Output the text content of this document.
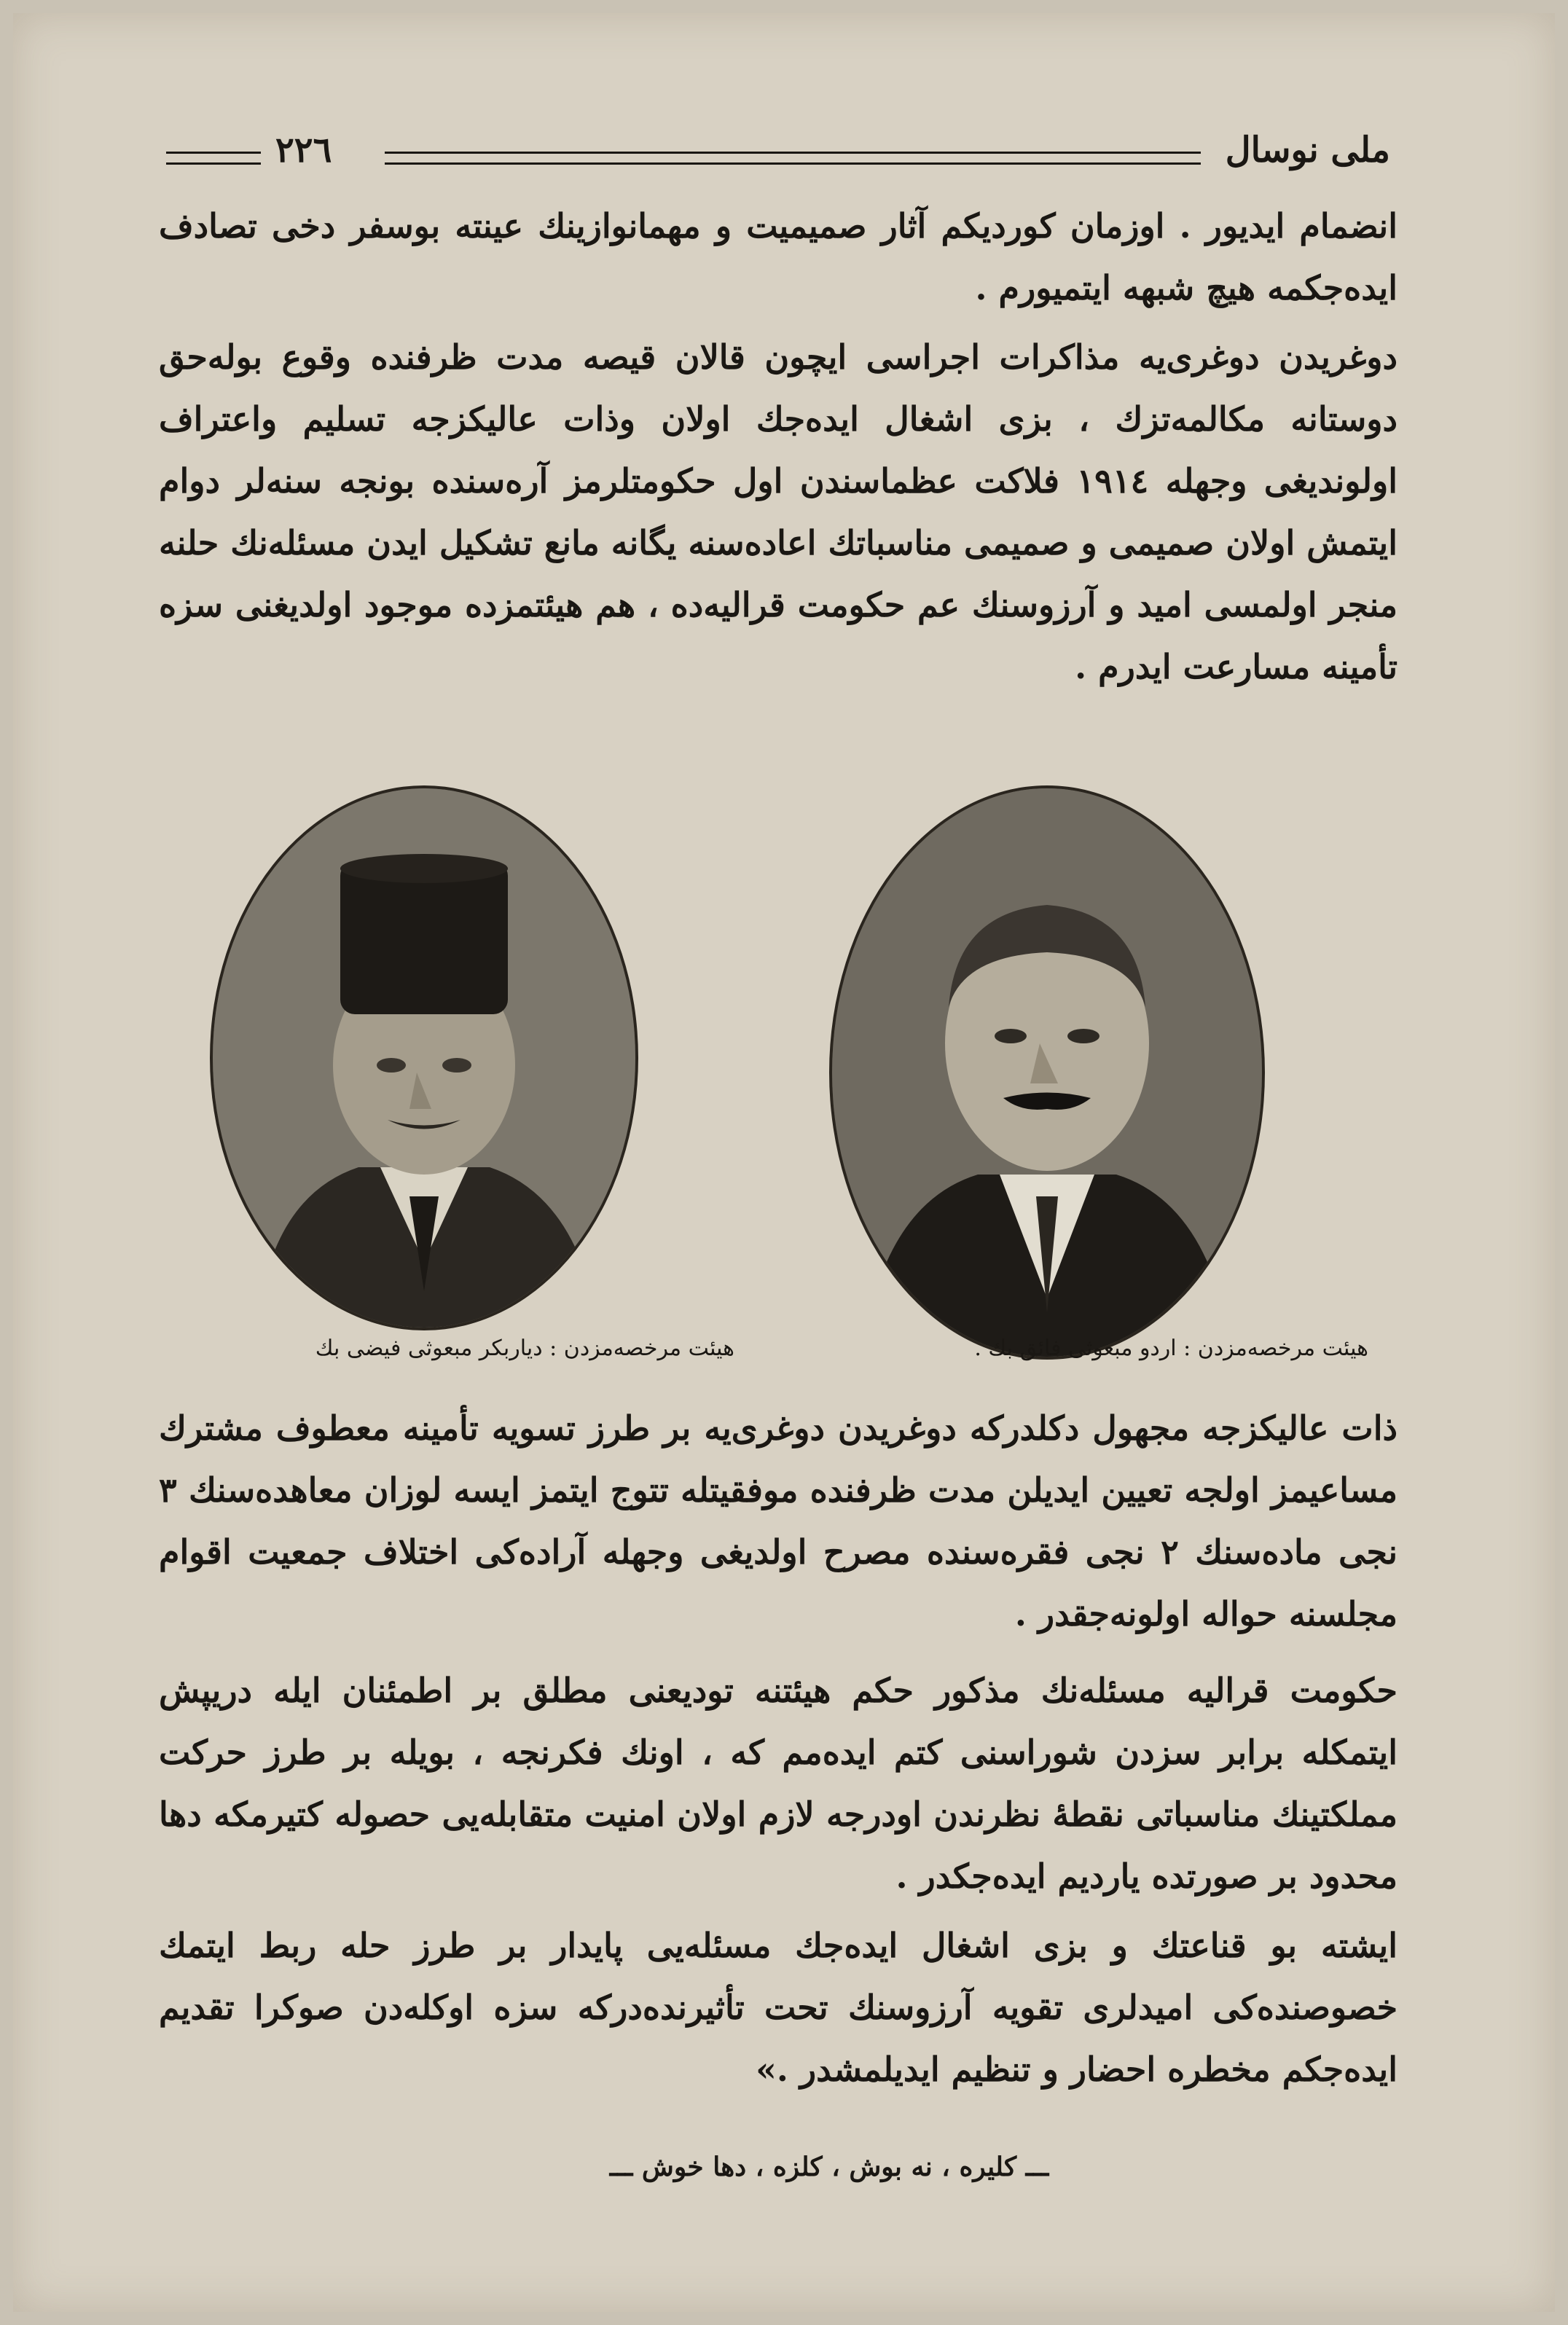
ملی نوسال
٢٢٦
انضمام ایدیور . اوزمان کوردیکم آثار صمیمیت و مهمانوازینك عینته بوسفر دخی تصادف ایده‌جکمه هیچ شبهه ایتمیورم .
دوغریدن دوغری‌یه مذاکرات اجراسی ایچون قالان قیصه مدت ظرفنده وقوع بوله‌حق دوستانه مکالمه‌تزك ، بزی اشغال ایده‌جك اولان وذات عالیکزجه تسلیم واعتراف اولوندیغی وجهله ١٩١٤ فلاکت عظماسندن اول حکومتلرمز آره‌سنده بونجه سنه‌لر دوام ایتمش اولان صمیمی و صمیمی مناسباتك اعاده‌سنه یگانه مانع تشکیل ایدن مسئله‌نك حلنه منجر اولمسی امید و آرزوسنك عم حکومت قرالیه‌ده ، هم هیئتمزده موجود اولدیغنی سزه تأمینه مسارعت ایدرم .
هیئت مرخصه‌مزدن : دیاربکر مبعوثی فیضی بك	هیئت مرخصه‌مزدن : اردو مبعوثی فائق بك .
ذات عالیکزجه مجهول دکلدرکه دوغریدن دوغری‌یه بر طرز تسویه تأمینه معطوف مشترك مساعیمز اولجه تعیین ایدیلن مدت ظرفنده موفقیتله تتوج ایتمز ایسه لوزان معاهده‌سنك ٣ نجی ماده‌سنك ٢ نجی فقره‌سنده مصرح اولدیغی وجهله آراده‌کی اختلاف جمعیت اقوام مجلسنه حواله اولونه‌جقدر .
حکومت قرالیه مسئله‌نك مذکور حکم هیئتنه تودیعنی مطلق بر اطمئنان ایله دریپش ایتمکله برابر سزدن شوراسنی کتم ایده‌مم که ، اونك فکرنجه ، بویله بر طرز حرکت مملکتینك مناسباتی نقطهٔ نظرندن اودرجه لازم اولان امنیت متقابله‌یی حصوله کتیرمکه دها محدود بر صورتده یاردیم ایده‌جکدر .
ایشته بو قناعتك و بزی اشغال ایده‌جك مسئله‌یی پایدار بر طرز حله ربط ایتمك خصوصنده‌کی امیدلری تقویه آرزوسنك تحت تأثیرنده‌درکه سزه اوکله‌دن صوکرا تقدیم ایده‌جکم مخطره احضار و تنظیم ایدیلمشدر .»
ـــ کلیره ، نه بوش ، کلزه ، دها خوش ـــ
